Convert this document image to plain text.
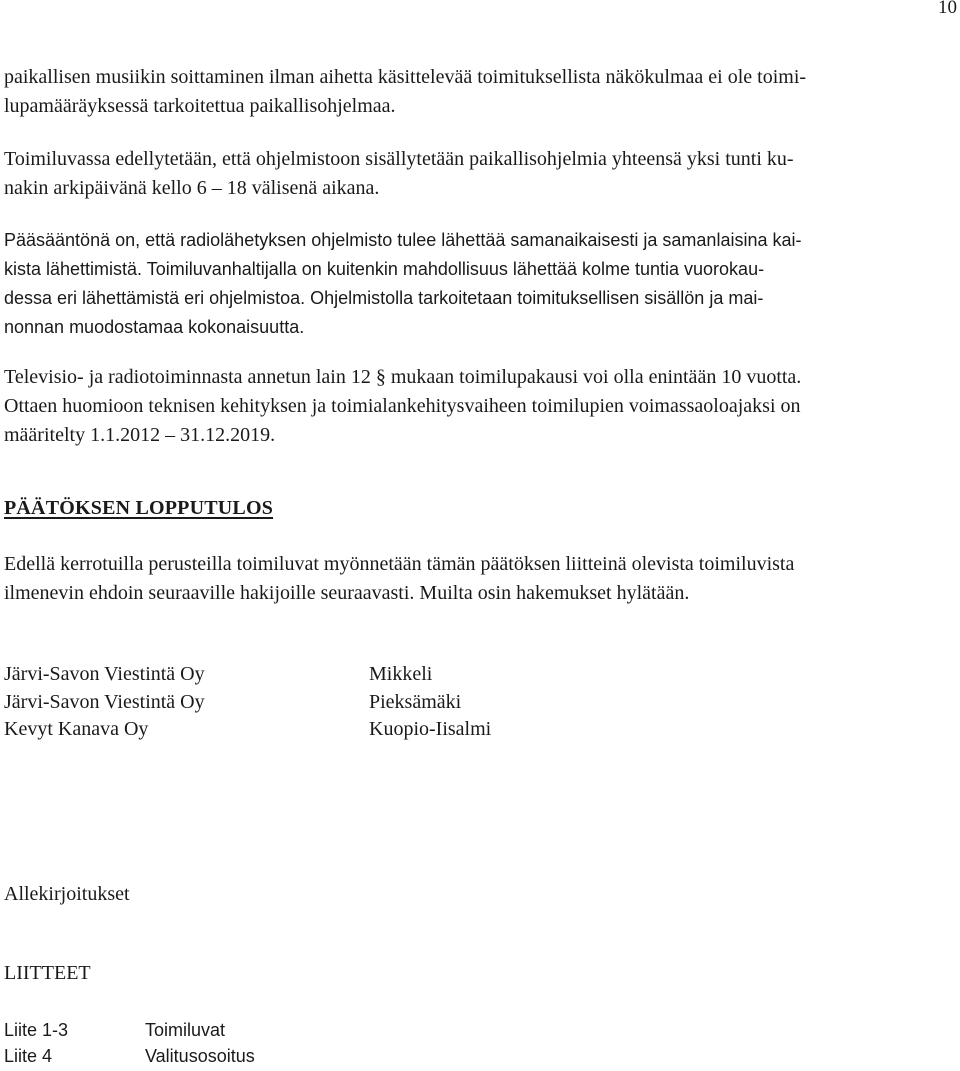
10
paikallisen musiikin soittaminen ilman aihetta käsittelevää toimituksellista näkökulmaa ei ole toimi-
lupamääräyksessä tarkoitettua paikallisohjelmaa.
Toimiluvassa edellytetään, että ohjelmistoon sisällytetään paikallisohjelmia yhteensä yksi tunti ku-
nakin arkipäivänä kello 6 – 18 välisenä aikana.
Pääsääntönä on, että radiolähetyksen ohjelmisto tulee lähettää samanaikaisesti ja samanlaisina kai-
kista lähettimistä. Toimiluvanhaltijalla on kuitenkin mahdollisuus lähettää kolme tuntia vuorokau-
dessa eri lähettämistä eri ohjelmistoa. Ohjelmistolla tarkoitetaan toimituksellisen sisällön ja mai-
nonnan muodostamaa kokonaisuutta.
Televisio- ja radiotoiminnasta annetun lain 12 § mukaan toimilupakausi voi olla enintään 10 vuotta.
Ottaen huomioon teknisen kehityksen ja toimialankehitysvaiheen toimilupien voimassaoloajaksi on
määritelty 1.1.2012 – 31.12.2019.
PÄÄTÖKSEN LOPPUTULOS
Edellä kerrotuilla perusteilla toimiluvat myönnetään tämän päätöksen liitteinä olevista toimiluvista
ilmenevin ehdoin seuraaville hakijoille seuraavasti. Muilta osin hakemukset hylätään.
Järvi-Savon Viestintä Oy	Mikkeli
Järvi-Savon Viestintä Oy	Pieksämäki
Kevyt Kanava Oy	Kuopio-Iisalmi
Allekirjoitukset
LIITTEET
Liite 1-3	Toimiluvat
Liite 4	Valitusosoitus
